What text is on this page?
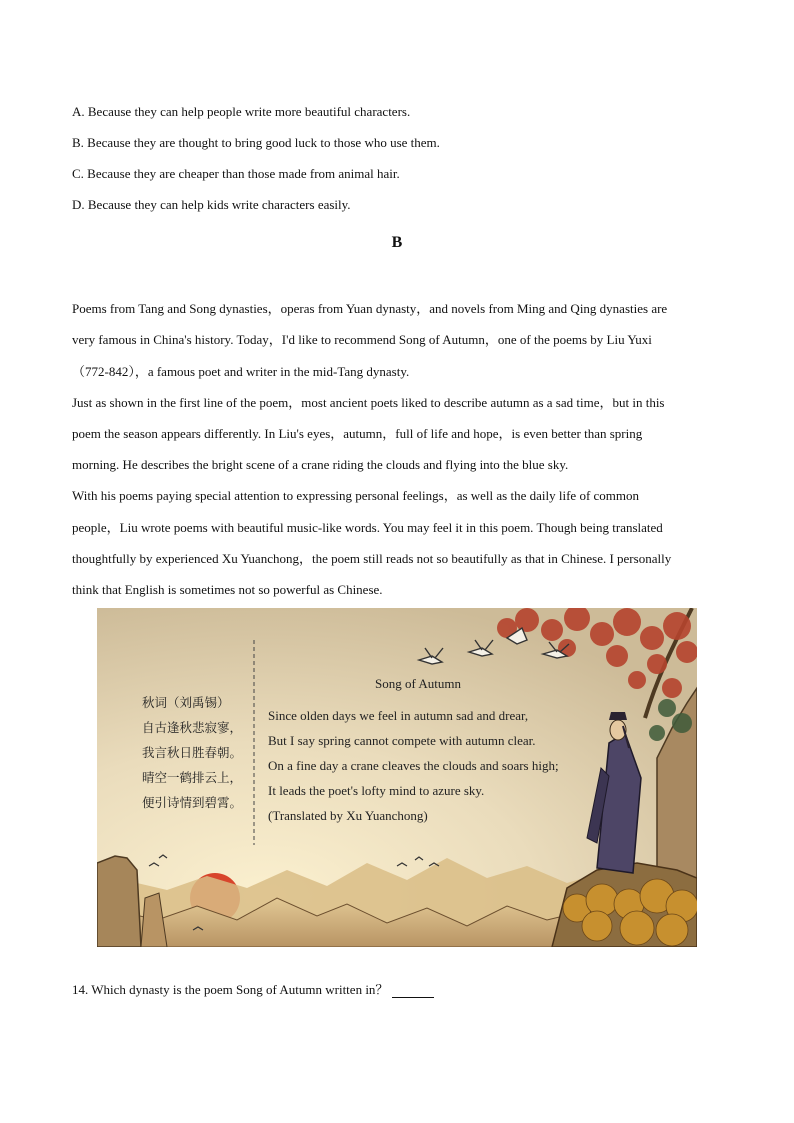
A. Because they can help people write more beautiful characters.
B. Because they are thought to bring good luck to those who use them.
C. Because they are cheaper than those made from animal hair.
D. Because they can help kids write characters easily.
B
Poems from Tang and Song dynasties，operas from Yuan dynasty，and novels from Ming and Qing dynasties are
very famous in China's history. Today，I'd like to recommend Song of Autumn，one of the poems by Liu Yuxi
（772-842），a famous poet and writer in the mid-Tang dynasty.
Just as shown in the first line of the poem，most ancient poets liked to describe autumn as a sad time，but in this
poem the season appears differently. In Liu's eyes，autumn，full of life and hope，is even better than spring
morning. He describes the bright scene of a crane riding the clouds and flying into the blue sky.
With his poems paying special attention to expressing personal feelings，as well as the daily life of common
people，Liu wrote poems with beautiful music-like words. You may feel it in this poem. Though being translated
thoughtfully by experienced Xu Yuanchong，the poem still reads not so beautifully as that in Chinese. I personally
think that English is sometimes not so powerful as Chinese.
秋词（刘禹锡）
自古逢秋悲寂寥，
我言秋日胜春朝。
晴空一鹤排云上，
便引诗情到碧霄。
Song of Autumn
Since olden days we feel in autumn sad and drear,
But I say spring cannot compete with autumn clear.
On a fine day a crane cleaves the clouds and soars high;
It leads the poet's lofty mind to azure sky.
(Translated by Xu Yuanchong)
14. Which dynasty is the poem Song of Autumn written in？
